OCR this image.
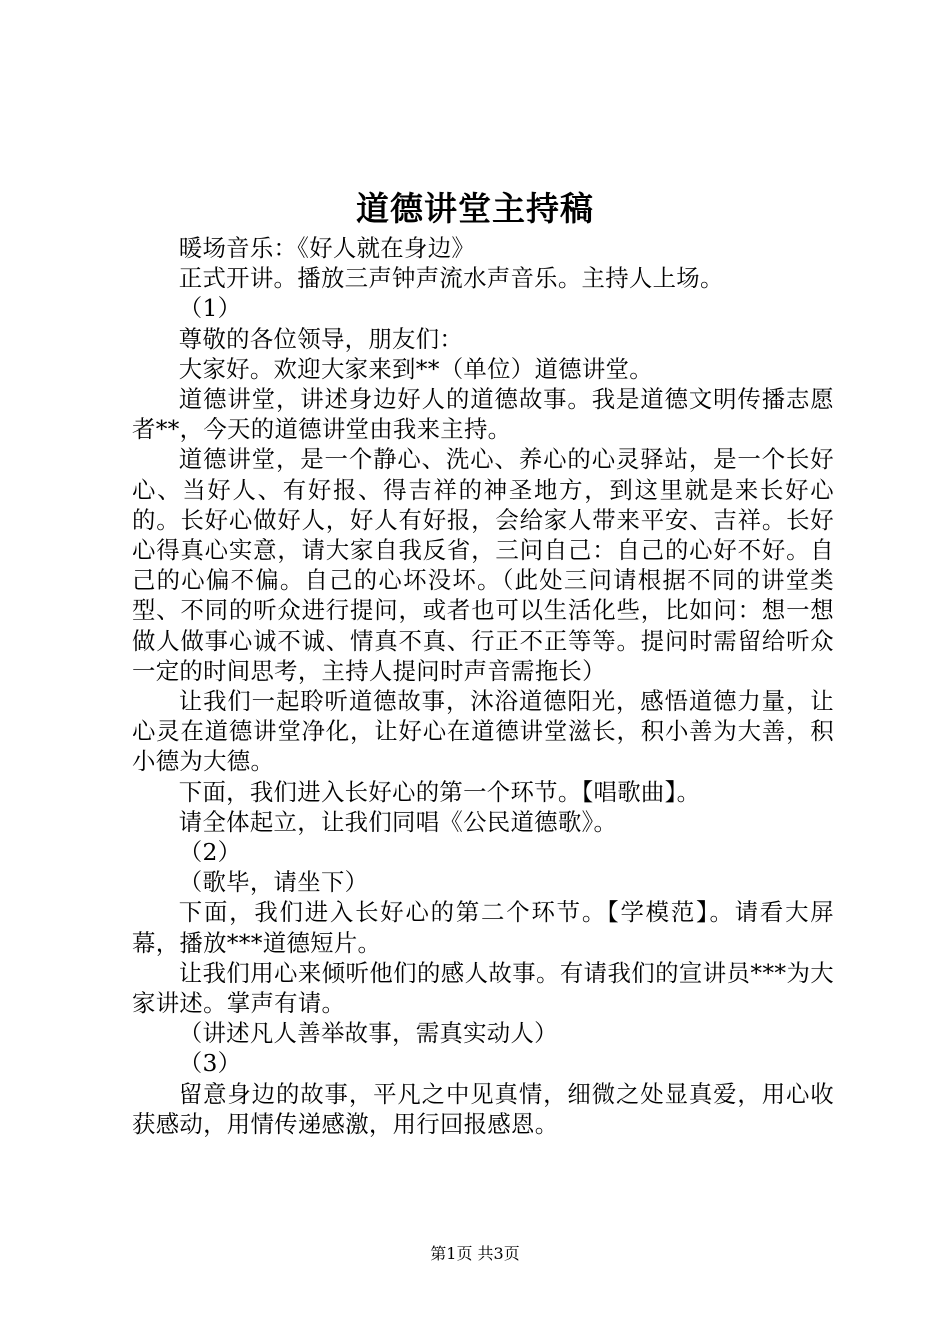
道德讲堂主持稿

暖场音乐：《好人就在身边》

正式开讲。播放三声钟声流水声音乐。主持人上场。

（1）

尊敬的各位领导，朋友们：

大家好。欢迎大家来到**（单位）道德讲堂。

道德讲堂，讲述身边好人的道德故事。我是道德文明传播志愿者**，今天的道德讲堂由我来主持。

道德讲堂，是一个静心、洗心、养心的心灵驿站，是一个长好心、当好人、有好报、得吉祥的神圣地方，到这里就是来长好心的。长好心做好人，好人有好报，会给家人带来平安、吉祥。长好心得真心实意，请大家自我反省，三问自己：自己的心好不好。自己的心偏不偏。自己的心坏没坏。（此处三问请根据不同的讲堂类型、不同的听众进行提问，或者也可以生活化些，比如问：想一想做人做事心诚不诚、情真不真、行正不正等等。提问时需留给听众一定的时间思考，主持人提问时声音需拖长）

让我们一起聆听道德故事，沐浴道德阳光，感悟道德力量，让心灵在道德讲堂净化，让好心在道德讲堂滋长，积小善为大善，积小德为大德。

下面，我们进入长好心的第一个环节。【唱歌曲】。

请全体起立，让我们同唱《公民道德歌》。

（2）

（歌毕，请坐下）

下面，我们进入长好心的第二个环节。【学模范】。请看大屏幕，播放***道德短片。

让我们用心来倾听他们的感人故事。有请我们的宣讲员***为大家讲述。掌声有请。

（讲述凡人善举故事，需真实动人）

（3）

留意身边的故事，平凡之中见真情，细微之处显真爱，用心收获感动，用情传递感激，用行回报感恩。

第1页 共3页
